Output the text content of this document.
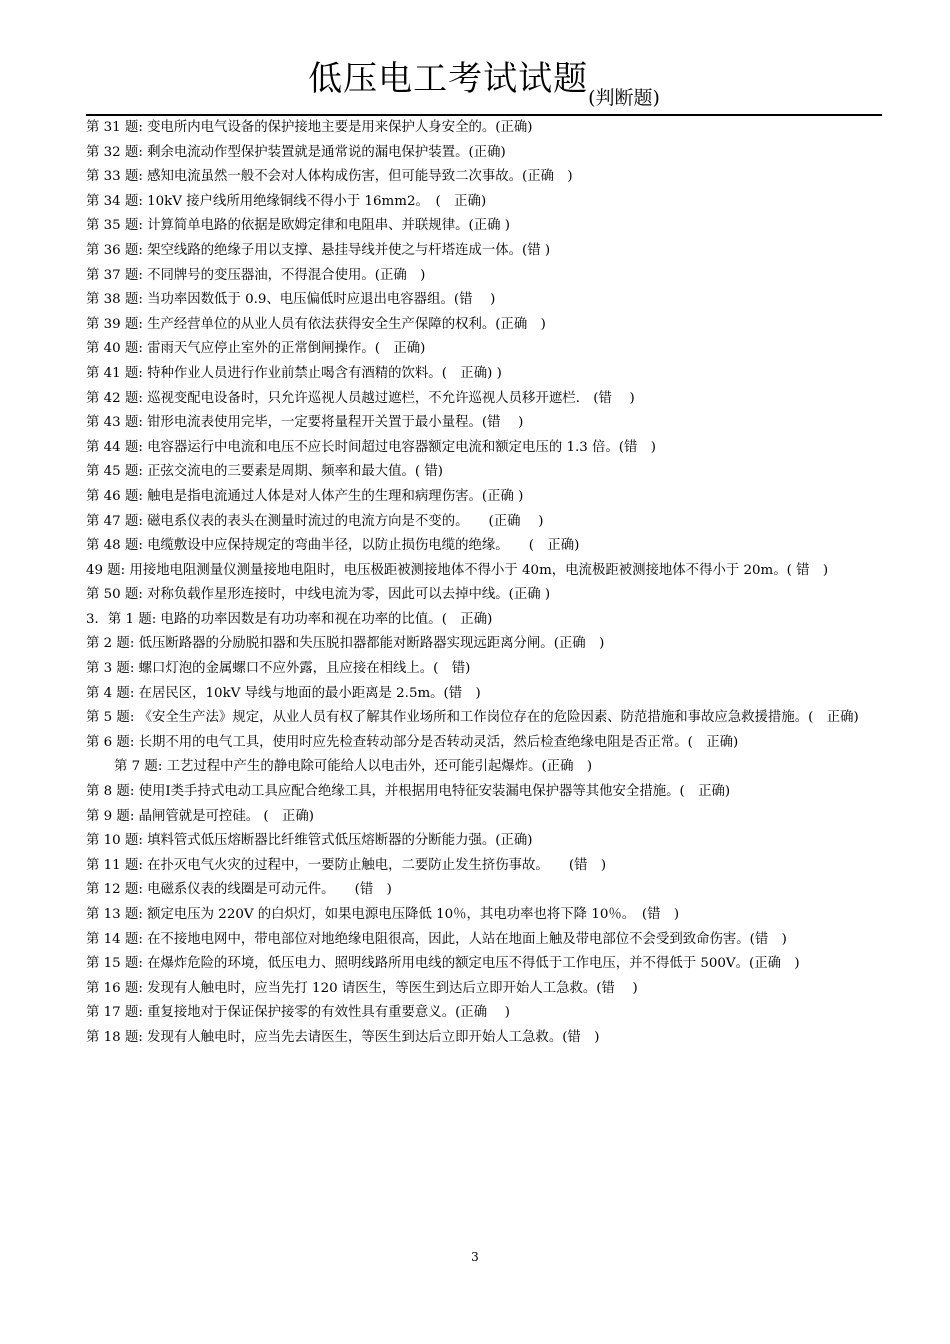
低压电工考试试题(判断题)
第 31 题: 变电所内电气设备的保护接地主要是用来保护人身安全的。(正确)
第 32 题: 剩余电流动作型保护装置就是通常说的漏电保护装置。(正确)
第 33 题: 感知电流虽然一般不会对人体构成伤害，但可能导致二次事故。(正确　)
第 34 题: 10kV 接户线所用绝缘铜线不得小于 16mm2。　(　正确)
第 35 题: 计算简单电路的依据是欧姆定律和电阻串、并联规律。(正确 )
第 36 题: 架空线路的绝缘子用以支撑、悬挂导线并使之与杆塔连成一体。(错 )
第 37 题: 不同牌号的变压器油，不得混合使用。(正确　)
第 38 题: 当功率因数低于 0.9、电压偏低时应退出电容器组。(错　 )
第 39 题: 生产经营单位的从业人员有依法获得安全生产保障的权利。(正确　)
第 40 题: 雷雨天气应停止室外的正常倒闸操作。(　正确)
第 41 题: 特种作业人员进行作业前禁止喝含有酒精的饮料。(　正确) )
第 42 题: 巡视变配电设备时，只允许巡视人员越过遮栏，不允许巡视人员移开遮栏.　(错　 )
第 43 题: 钳形电流表使用完毕，一定要将量程开关置于最小量程。(错　 )
第 44 题: 电容器运行中电流和电压不应长时间超过电容器额定电流和额定电压的 1.3 倍。(错　)
第 45 题: 正弦交流电的三要素是周期、频率和最大值。( 错)
第 46 题: 触电是指电流通过人体是对人体产生的生理和病理伤害。(正确 )
第 47 题: 磁电系仪表的表头在测量时流过的电流方向是不变的。　　(正确　 )
第 48 题: 电缆敷设中应保持规定的弯曲半径，以防止损伤电缆的绝缘。　　(　正确)
49 题: 用接地电阻测量仪测量接地电阻时，电压极距被测接地体不得小于 40m，电流极距被测接地体不得小于 20m。( 错　)
第 50 题: 对称负载作星形连接时，中线电流为零，因此可以去掉中线。(正确 )
3．第 1 题: 电路的功率因数是有功功率和视在功率的比值。(　正确)
第 2 题: 低压断路器的分励脱扣器和失压脱扣器都能对断路器实现远距离分闸。(正确　)
第 3 题: 螺口灯泡的金属螺口不应外露，且应接在相线上。(　错)
第 4 题: 在居民区，10kV 导线与地面的最小距离是 2.5m。(错　)
第 5 题: 《安全生产法》规定，从业人员有权了解其作业场所和工作岗位存在的危险因素、防范措施和事故应急救援措施。(　正确)
第 6 题: 长期不用的电气工具，使用时应先检查转动部分是否转动灵活，然后检查绝缘电阻是否正常。(　正确)
第 7 题: 工艺过程中产生的静电除可能给人以电击外，还可能引起爆炸。(正确　)
第 8 题: 使用Ⅰ类手持式电动工具应配合绝缘工具，并根据用电特征安装漏电保护器等其他安全措施。(　正确)
第 9 题: 晶闸管就是可控硅。 (　正确)
第 10 题: 填料管式低压熔断器比纤维管式低压熔断器的分断能力强。(正确)
第 11 题: 在扑灭电气火灾的过程中，一要防止触电，二要防止发生挤伤事故。　　(错　)
第 12 题: 电磁系仪表的线圈是可动元件。　　(错　)
第 13 题: 额定电压为 220V 的白炽灯，如果电源电压降低 10％，其电功率也将下降 10％。　(错　)
第 14 题: 在不接地电网中，带电部位对地绝缘电阻很高，因此，人站在地面上触及带电部位不会受到致命伤害。(错　)
第 15 题: 在爆炸危险的环境，低压电力、照明线路所用电线的额定电压不得低于工作电压，并不得低于 500V。(正确　)
第 16 题: 发现有人触电时，应当先打 120 请医生，等医生到达后立即开始人工急救。(错　 )
第 17 题: 重复接地对于保证保护接零的有效性具有重要意义。(正确　 )
第 18 题: 发现有人触电时，应当先去请医生，等医生到达后立即开始人工急救。(错　)
3
